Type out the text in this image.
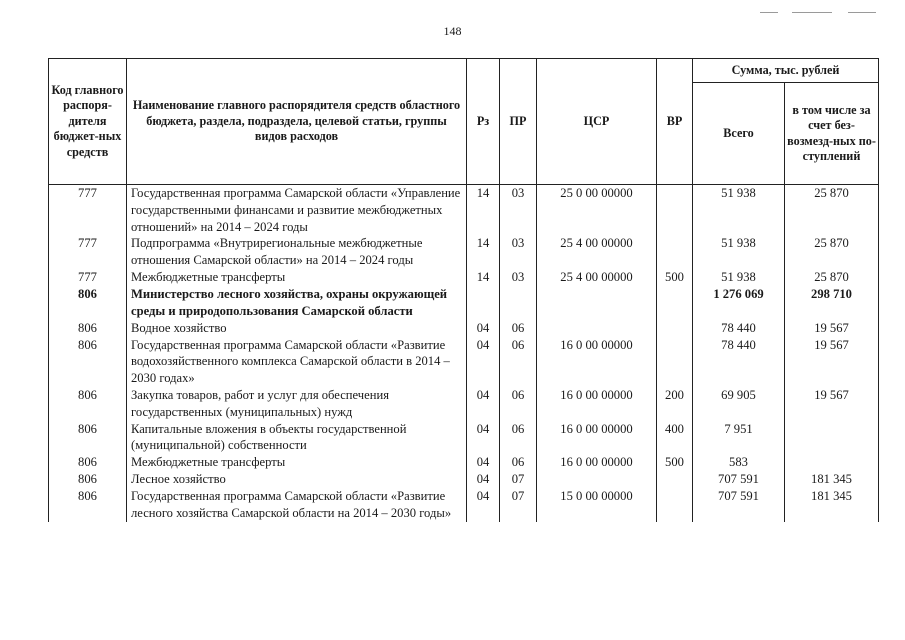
148
Код главного распоря-дителя бюджет-ных средств	Наименование главного распорядителя средств областного бюджета, раздела, подраздела, целевой статьи, группы видов расходов	Рз	ПР	ЦСР	ВР	Сумма, тыс. рублей	
						Всего	в том числе за счет без-возмезд-ных по-ступлений
777	Государственная программа Самарской области «Управление государственными финансами и развитие межбюджетных отношений» на 2014 – 2024 годы	14	03	25 0 00 00000		51 938	25 870
777	Подпрограмма «Внутрирегиональные межбюджетные отношения Самарской области» на 2014 – 2024 годы	14	03	25 4 00 00000		51 938	25 870
777	Межбюджетные трансферты	14	03	25 4 00 00000	500	51 938	25 870
806	Министерство лесного хозяйства, охраны окружающей среды и природопользования Самарской области					1 276 069	298 710
806	Водное хозяйство	04	06			78 440	19 567
806	Государственная программа Самарской области «Развитие водохозяйственного комплекса Самарской области в 2014 – 2030 годах»	04	06	16 0 00 00000		78 440	19 567
806	Закупка товаров, работ и услуг для обеспечения государственных (муниципальных) нужд	04	06	16 0 00 00000	200	69 905	19 567
806	Капитальные вложения в объекты государственной (муниципальной) собственности	04	06	16 0 00 00000	400	7 951	
806	Межбюджетные трансферты	04	06	16 0 00 00000	500	583	
806	Лесное хозяйство	04	07			707 591	181 345
806	Государственная программа Самарской области «Развитие лесного хозяйства Самарской области на 2014 – 2030 годы»	04	07	15 0 00 00000		707 591	181 345
